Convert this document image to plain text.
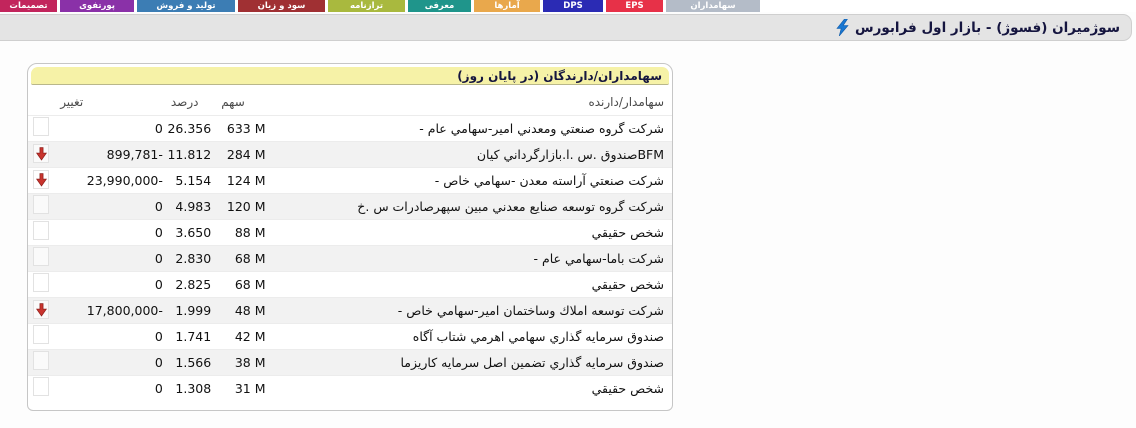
تصمیمات	پورتفوی	تولید و فروش	سود و زیان	ترازنامه	معرفی	آمارها	DPS	EPS	سهامداران
سوژمیران (فسوژ) - بازار اول فرابورس
سهامداران/دارندگان (در پایان روز)
سهامدار/دارنده	سهم	درصد	تغییر	
شرکت گروه صنعتي ومعدني امير-سهامي عام -	633 M	26.356	0	
BFMصندوق .س .ا.بازارگرداني کيان	284 M	11.812	899,781-	

شرکت صنعتي آراسته معدن -سهامي خاص -	124 M	5.154	23,990,000-	

شرکت گروه توسعه صنايع معدني مبين سپهرصادرات س .خ	120 M	4.983	0	
شخص حقيقي	88 M	3.650	0	
شرکت باما-سهامي عام -	68 M	2.830	0	
شخص حقيقي	68 M	2.825	0	
شرکت توسعه املاك وساختمان امير-سهامي خاص -	48 M	1.999	17,800,000-	

صندوق سرمايه گذاري سهامي اهرمي شتاب آگاه	42 M	1.741	0	
صندوق سرمايه گذاري تضمين اصل سرمايه کاريزما	38 M	1.566	0	
شخص حقيقي	31 M	1.308	0	
